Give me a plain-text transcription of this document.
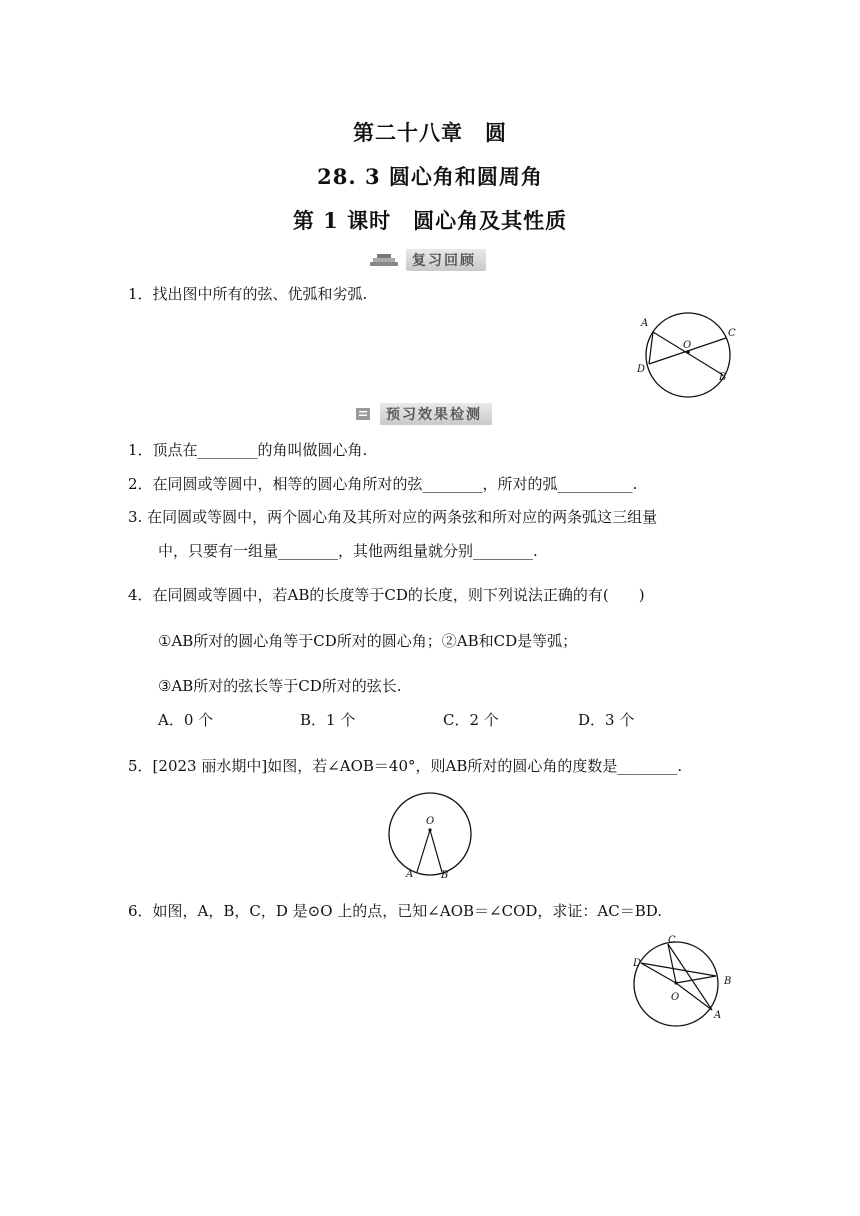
第二十八章　圆
28. 3 圆心角和圆周角
第 1 课时　圆心角及其性质
复习回顾
1．找出图中所有的弦、优弧和劣弧.
A
O
C
D
B
预习效果检测
1．顶点在________的角叫做圆心角.
2．在同圆或等圆中，相等的圆心角所对的弦________，所对的弧__________.
3. 在同圆或等圆中，两个圆心角及其所对应的两条弦和所对应的两条弧这三组量
中，只要有一组量________，其他两组量就分别________.
4．在同圆或等圆中，若AB的长度等于CD的长度，则下列说法正确的有(　　)
①AB所对的圆心角等于CD所对的圆心角；②AB和CD是等弧；
③AB所对的弦长等于CD所对的弦长.
A．0 个	B．1 个	C．2 个	D．3 个
5．[2023 丽水期中]如图，若∠AOB＝40°，则AB所对的圆心角的度数是________.
O
A	B
6．如图，A，B，C，D 是⊙O 上的点，已知∠AOB＝∠COD，求证：AC＝BD.
C
D
B
O
A
